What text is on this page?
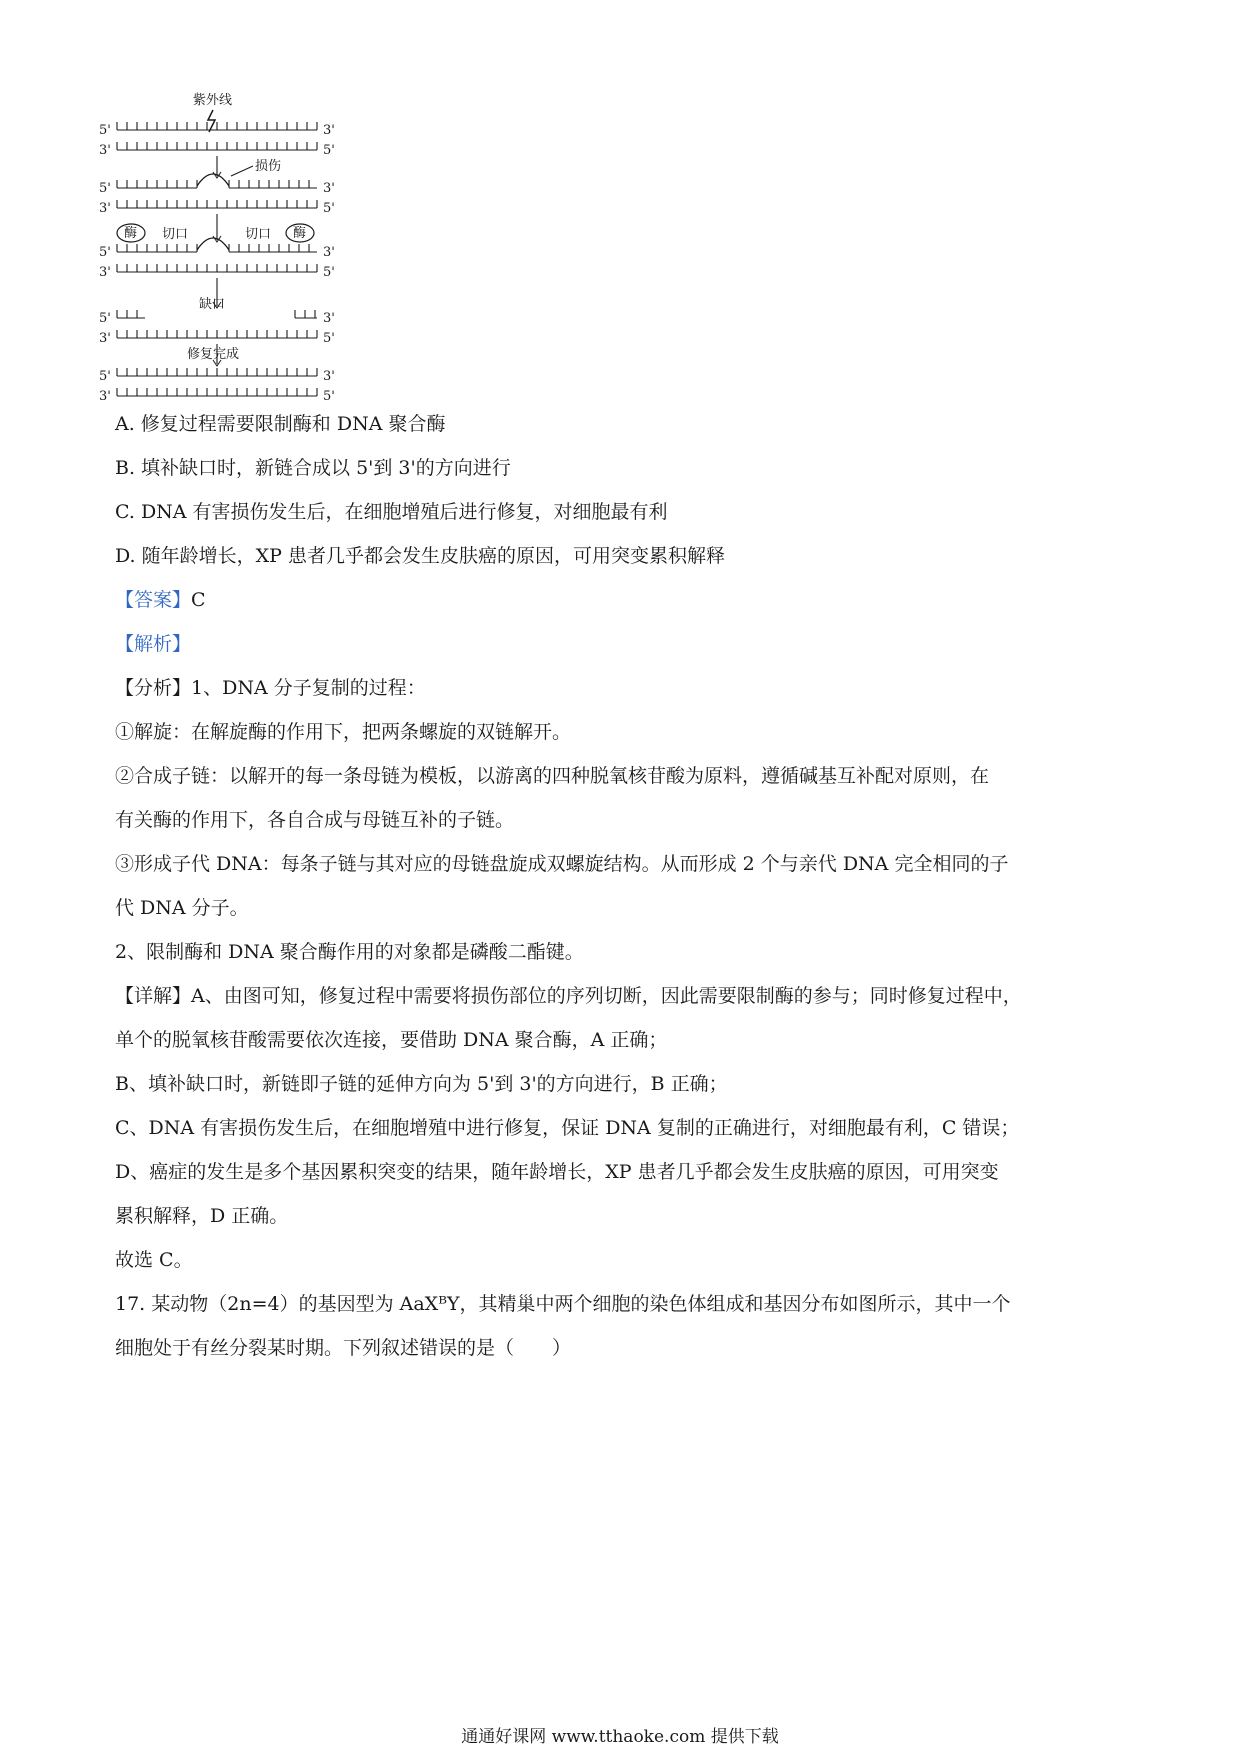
紫外线
5'
3'
3'
5'
5'
3'
3'
5'
5'
3'
3'
5'
5'
3'
3'
5'
5'
3'
3'
5'
损伤
酶 切口	酶
切口
缺口
修复完成
A. 修复过程需要限制酶和 DNA 聚合酶
B. 填补缺口时，新链合成以 5'到 3'的方向进行
C. DNA 有害损伤发生后，在细胞增殖后进行修复，对细胞最有利
D. 随年龄增长，XP 患者几乎都会发生皮肤癌的原因，可用突变累积解释
【答案】C
【解析】
【分析】1、DNA 分子复制的过程：
①解旋：在解旋酶的作用下，把两条螺旋的双链解开。
②合成子链：以解开的每一条母链为模板，以游离的四种脱氧核苷酸为原料，遵循碱基互补配对原则，在
有关酶的作用下，各自合成与母链互补的子链。
③形成子代 DNA：每条子链与其对应的母链盘旋成双螺旋结构。从而形成 2 个与亲代 DNA 完全相同的子
代 DNA 分子。
2、限制酶和 DNA 聚合酶作用的对象都是磷酸二酯键。
【详解】A、由图可知，修复过程中需要将损伤部位的序列切断，因此需要限制酶的参与；同时修复过程中，
单个的脱氧核苷酸需要依次连接，要借助 DNA 聚合酶，A 正确；
B、填补缺口时，新链即子链的延伸方向为 5'到 3'的方向进行，B 正确；
C、DNA 有害损伤发生后，在细胞增殖中进行修复，保证 DNA 复制的正确进行，对细胞最有利，C 错误；
D、癌症的发生是多个基因累积突变的结果，随年龄增长，XP 患者几乎都会发生皮肤癌的原因，可用突变
累积解释，D 正确。
故选 C。
17. 某动物（2n=4）的基因型为 AaXᴮY，其精巢中两个细胞的染色体组成和基因分布如图所示，其中一个
细胞处于有丝分裂某时期。下列叙述错误的是（　　）
通通好课网 www.tthaoke.com 提供下载
